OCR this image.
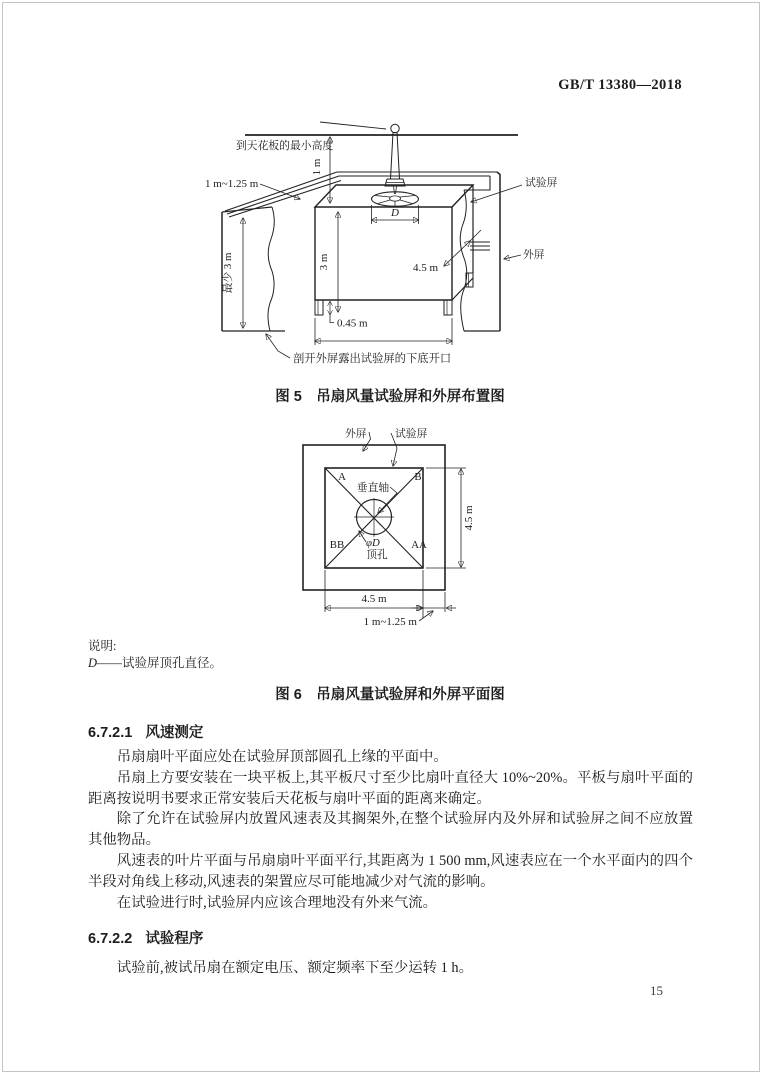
GB/T 13380—2018
1 m
到天花板的最小高度
1 m~1.25 m
最少 3 m	3 m
D
4.5 m
0.45 m
试验屏
外屏
剖开外屏露出试验屏的下底开口
图 5　吊扇风量试验屏和外屏布置图
A	B
BB	AA
垂直轴
φD
顶孔
外屏	试验屏
4.5 m
4.5 m
1 m~1.25 m
说明:
D——试验屏顶孔直径。
图 6　吊扇风量试验屏和外屏平面图
6.7.2.1 风速测定

吊扇扇叶平面应处在试验屏顶部圆孔上缘的平面中。

吊扇上方要安装在一块平板上,其平板尺寸至少比扇叶直径大 10%~20%。平板与扇叶平面的距离按说明书要求正常安装后天花板与扇叶平面的距离来确定。

除了允许在试验屏内放置风速表及其搁架外,在整个试验屏内及外屏和试验屏之间不应放置其他物品。

风速表的叶片平面与吊扇扇叶平面平行,其距离为 1 500 mm,风速表应在一个水平面内的四个半段对角线上移动,风速表的架置应尽可能地减少对气流的影响。

在试验进行时,试验屏内应该合理地没有外来气流。

6.7.2.2 试验程序

试验前,被试吊扇在额定电压、额定频率下至少运转 1 h。

15
